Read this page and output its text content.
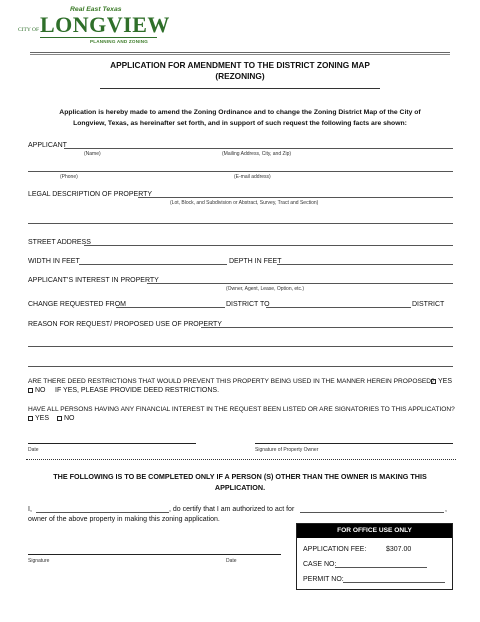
Real East Texas
CITY OF LONGVIEW
PLANNING AND ZONING
APPLICATION FOR AMENDMENT TO THE DISTRICT ZONING MAP
(REZONING)
Application is hereby made to amend the Zoning Ordinance and to change the Zoning District Map of the City of
Longview, Texas, as hereinafter set forth, and in support of such request the following facts are shown:
APPLICANT
(Name)	(Mailing Address, City, and Zip)
(Phone)	(E-mail address)
LEGAL DESCRIPTION OF PROPERTY
(Lot, Block, and Subdivision or Abstract, Survey, Tract and Section)
STREET ADDRESS
WIDTH IN FEET	DEPTH IN FEET
APPLICANT’S INTEREST IN PROPERTY
(Owner, Agent, Lease, Option, etc.)
CHANGE REQUESTED FROM	DISTRICT TO	DISTRICT
REASON FOR REQUEST/ PROPOSED USE OF PROPERTY
ARE THERE DEED RESTRICTIONS THAT WOULD PREVENT THIS PROPERTY BEING USED IN THE MANNER HEREIN PROPOSED? YES
NO IF YES, PLEASE PROVIDE DEED RESTRICTIONS.
HAVE ALL PERSONS HAVING ANY FINANCIAL INTEREST IN THE REQUEST BEEN LISTED OR ARE SIGNATORIES TO THIS APPLICATION?
YES	NO
Date	Signature of Property Owner
THE FOLLOWING IS TO BE COMPLETED ONLY IF A PERSON (S) OTHER THAN THE OWNER IS MAKING THIS
APPLICATION.
I,	, do certify that I am authorized to act for	,
owner of the above property in making this zoning application.
Signature	Date
FOR OFFICE USE ONLY
APPLICATION FEE:	$307.00
CASE NO:
PERMIT NO:
